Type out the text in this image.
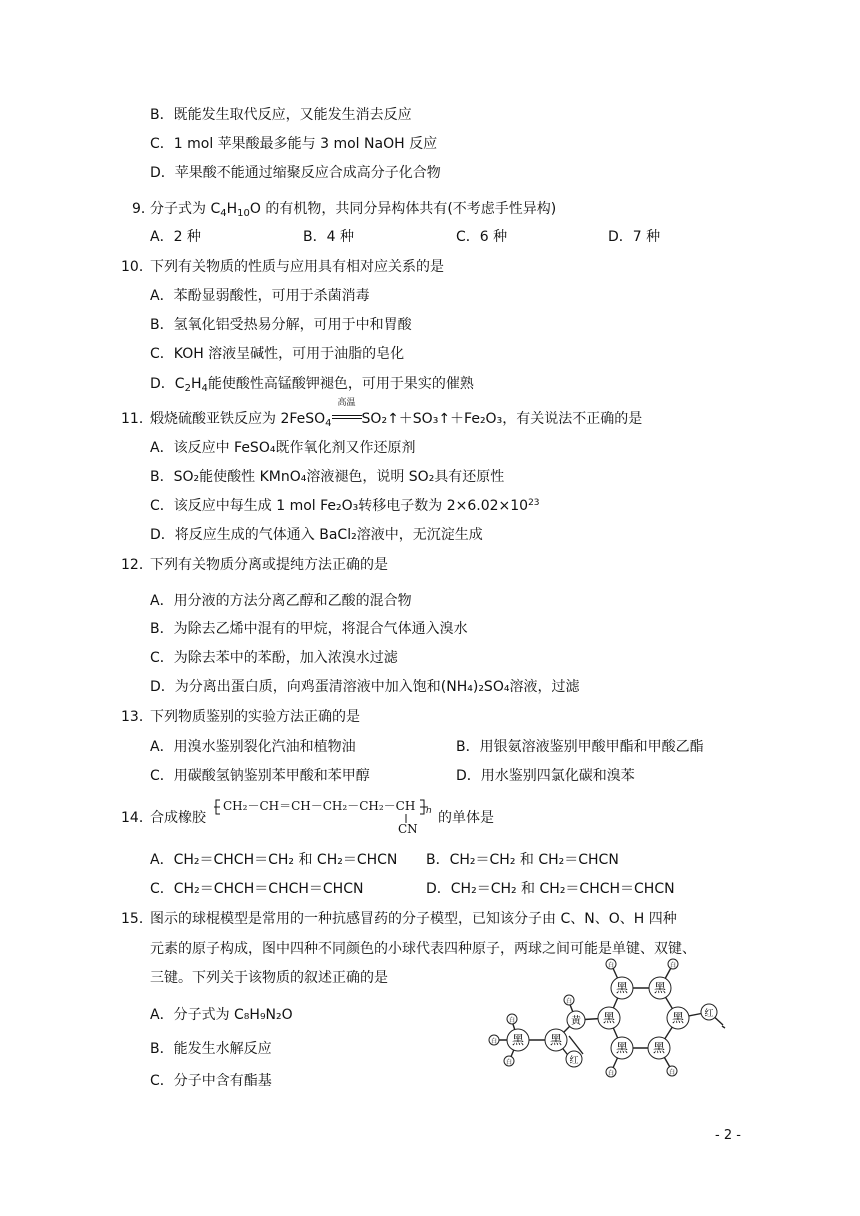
B．既能发生取代反应，又能发生消去反应
C．1 mol 苹果酸最多能与 3 mol NaOH 反应
D．苹果酸不能通过缩聚反应合成高分子化合物
9．
分子式为 $C_4H_{10}O$ 的有机物，共同分异构体共有(不考虑手性异构)
A．2 种	B．4 种	C．6 种	D．7 种
10．
下列有关物质的性质与应用具有相对应关系的是
A．苯酚显弱酸性，可用于杀菌消毒
B．氢氧化铝受热易分解，可用于中和胃酸
C．KOH 溶液呈碱性，可用于油脂的皂化
D．$C_2H_4$能使酸性高锰酸钾褪色，可用于果实的催熟
11．
煅烧硫酸亚铁反应为 2FeSO$_4$
高温
SO₂↑＋SO₃↑＋Fe₂O₃，有关说法不正确的是
A．该反应中 FeSO₄既作氧化剂又作还原剂
B．SO₂能使酸性 KMnO₄溶液褪色，说明 SO₂具有还原性
C．该反应中每生成 1 mol Fe₂O₃转移电子数为 $2\times 6.02\times 10^{23}$
D．将反应生成的气体通入 BaCl₂溶液中，无沉淀生成
12．
下列有关物质分离或提纯方法正确的是
A．用分液的方法分离乙醇和乙酸的混合物
B．为除去乙烯中混有的甲烷，将混合气体通入溴水
C．为除去苯中的苯酚，加入浓溴水过滤
D．为分离出蛋白质，向鸡蛋清溶液中加入饱和(NH₄)₂SO₄溶液，过滤
13．
下列物质鉴别的实验方法正确的是
A．用溴水鉴别裂化汽油和植物油	B．用银氨溶液鉴别甲酸甲酯和甲酸乙酯
C．用碳酸氢钠鉴别苯甲酸和苯甲醇	D．用水鉴别四氯化碳和溴苯
14．
合成橡胶
CH₂－CH＝CH－CH₂－CH₂－CH n
CN
的单体是
A．CH₂＝CHCH＝CH₂ 和 CH₂＝CHCN B．CH₂＝CH₂ 和 CH₂＝CHCN
C．CH₂＝CHCH＝CHCH＝CHCN	D．CH₂＝CH₂ 和 CH₂＝CHCH＝CHCN
15．
图示的球棍模型是常用的一种抗感冒药的分子模型，已知该分子由 C、N、O、H 四种
元素的原子构成，图中四种不同颜色的小球代表四种原子，两球之间可能是单键、双键、
三键。下列关于该物质的叙述正确的是
A．分子式为 C₈H₉N₂O
B．能发生水解反应
C．分子中含有酯基
黑 黑
黑
黑 黑
黑
黑
黑
黄
红
红
白
白
白
白
白	白
白	白
- 2 -
